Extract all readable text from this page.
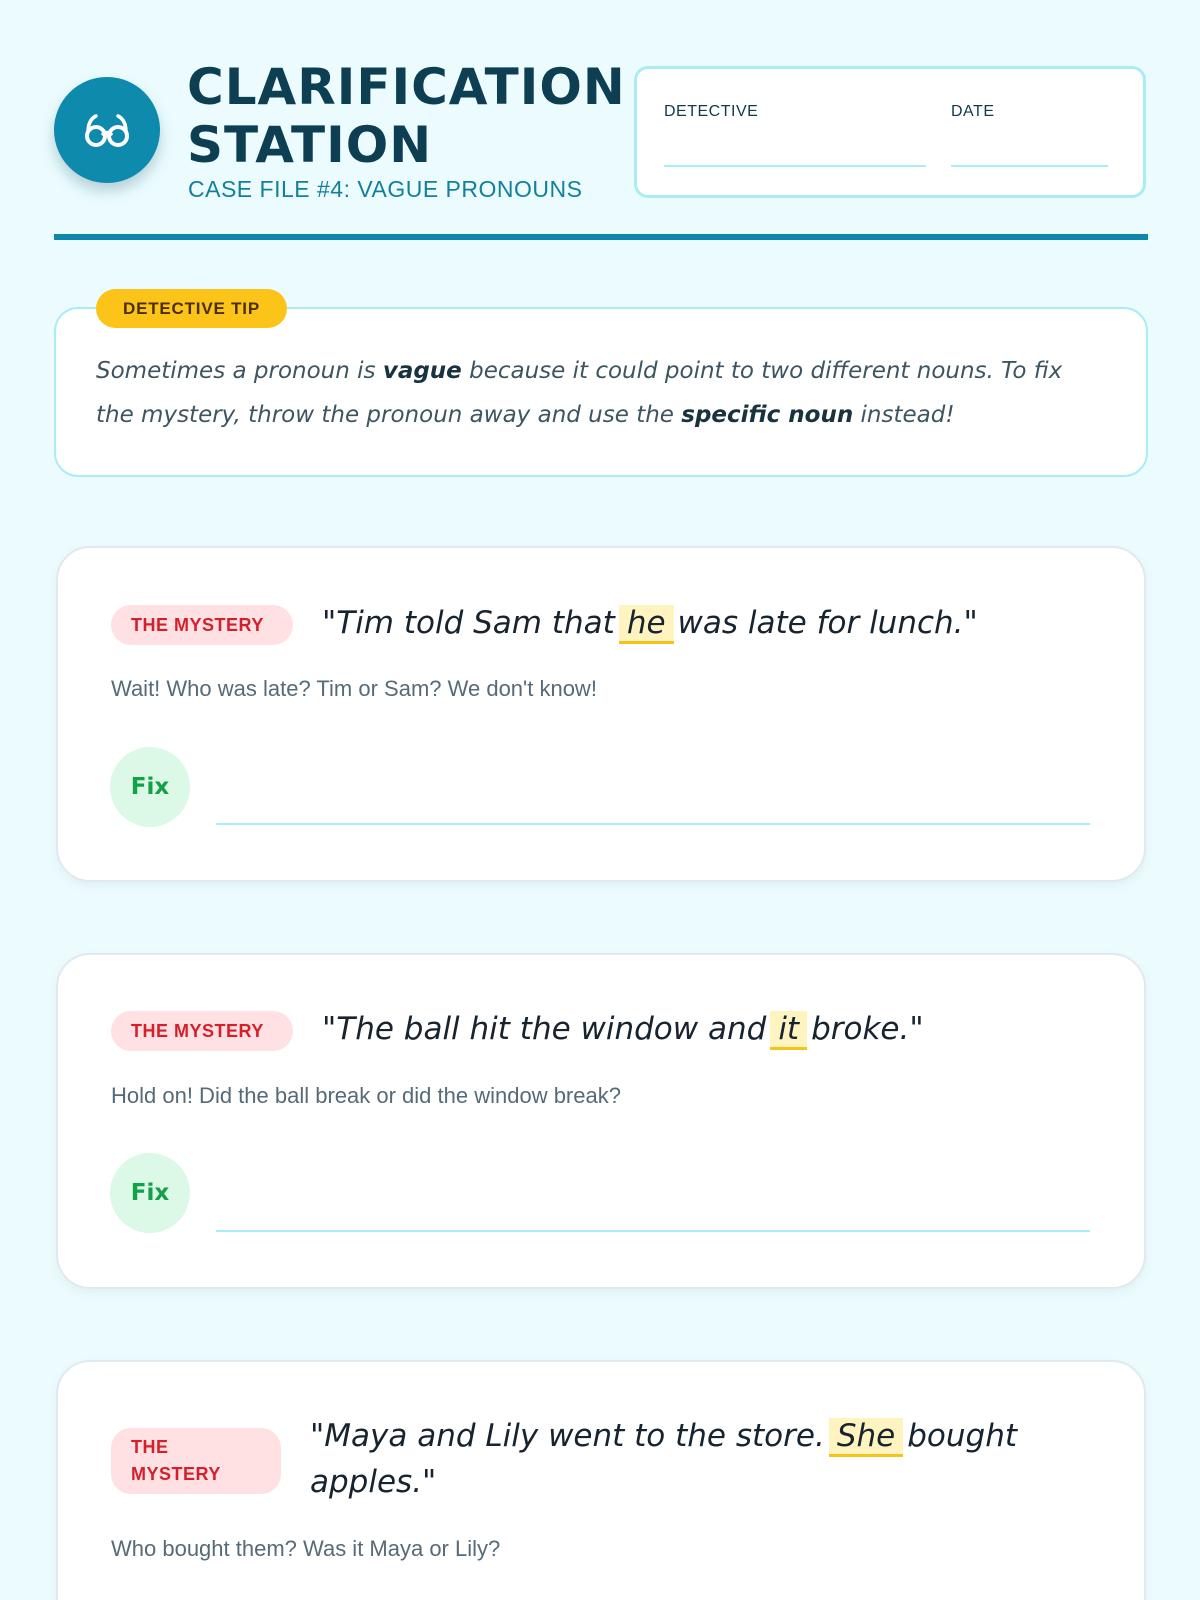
CLARIFICATION
STATION
CASE FILE #4: VAGUE PRONOUNS
DETECTIVE	DATE
DETECTIVE TIP
Sometimes a pronoun is vague because it could point to two different nouns. To fix the mystery, throw the pronoun away and use the specific noun instead!
THE MYSTERY	"Tim told Sam that he was late for lunch."
Wait! Who was late? Tim or Sam? We don't know!
Fix
THE MYSTERY	"The ball hit the window and it broke."
Hold on! Did the ball break or did the window break?
Fix
THE
MYSTERY
"Maya and Lily went to the store. She bought apples."
Who bought them? Was it Maya or Lily?
